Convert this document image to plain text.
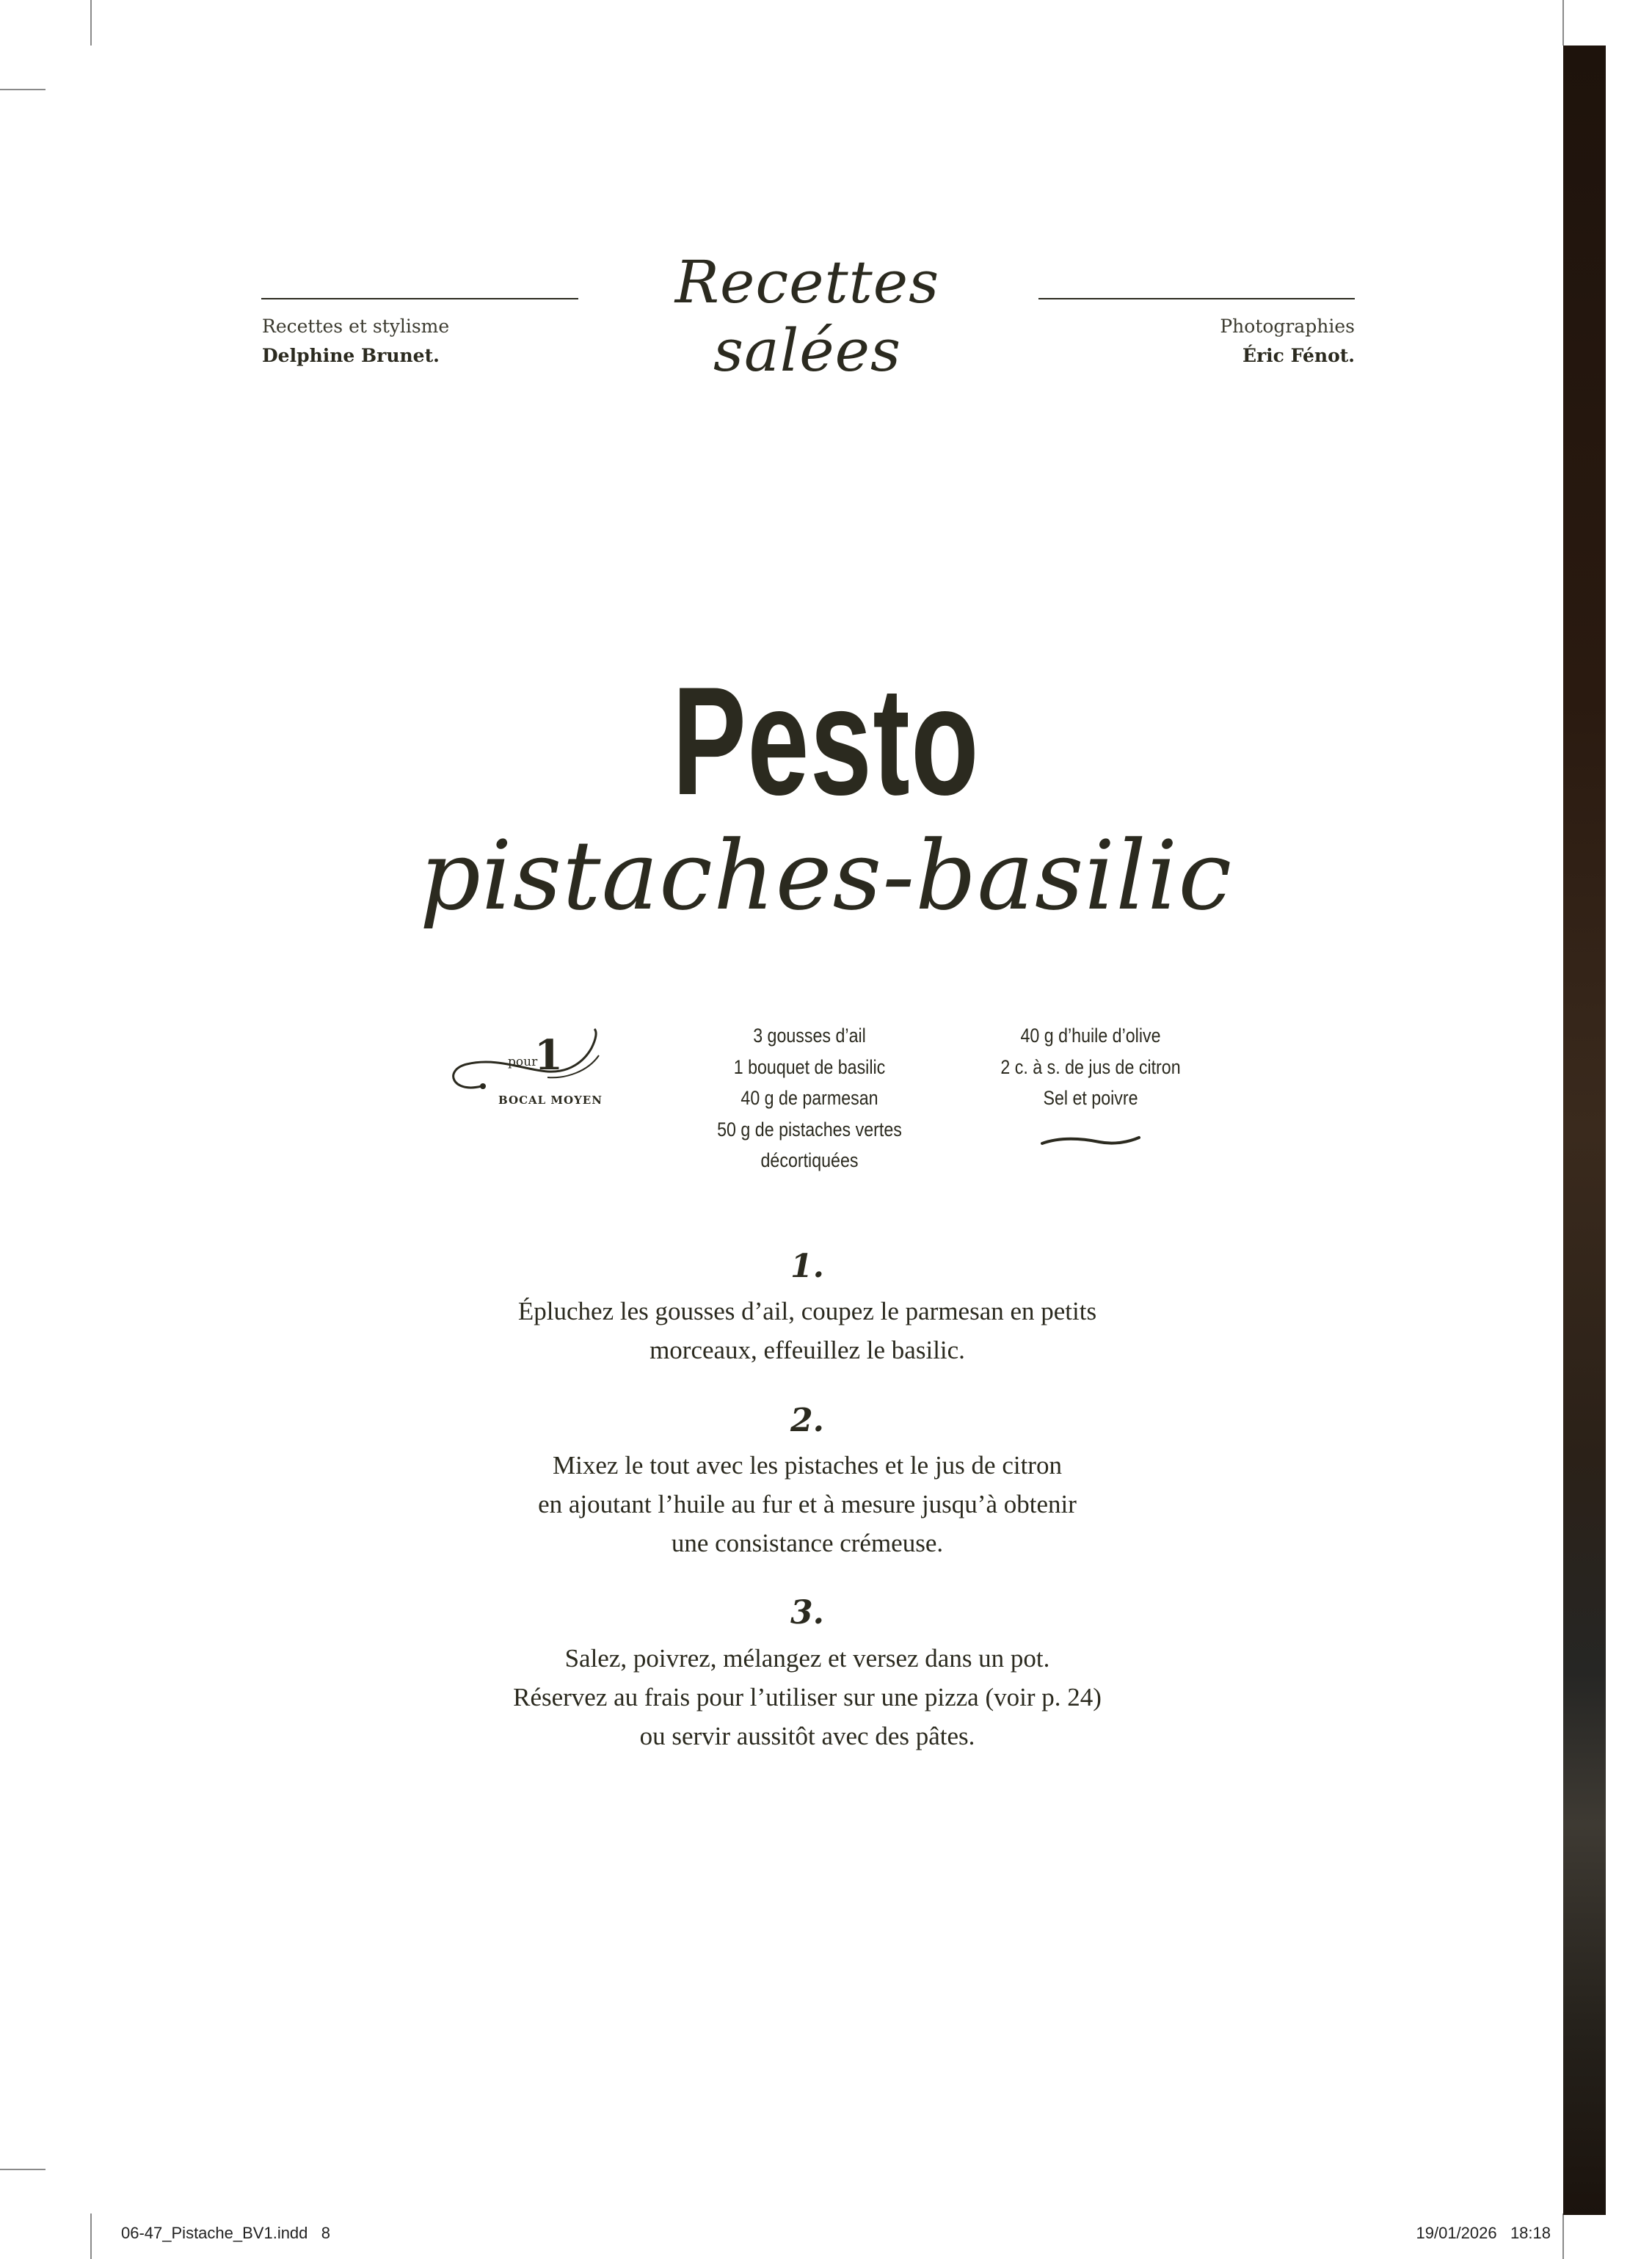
Recettes salées
Recettes et stylisme
Delphine Brunet.
Photographies
Éric Fénot.
Pesto
pistaches-basilic
pour
1
BOCAL MOYEN
3 gousses d’ail
1 bouquet de basilic
40 g de parmesan
50 g de pistaches vertes
décortiquées
40 g d’huile d’olive
2 c. à s. de jus de citron
Sel et poivre
1.
Épluchez les gousses d’ail, coupez le parmesan en petits
morceaux, effeuillez le basilic.
2.
Mixez le tout avec les pistaches et le jus de citron
en ajoutant l’huile au fur et à mesure jusqu’à obtenir
une consistance crémeuse.
3.
Salez, poivrez, mélangez et versez dans un pot.
Réservez au frais pour l’utiliser sur une pizza (voir p. 24)
ou servir aussitôt avec des pâtes.
06-47_Pistache_BV1.indd   8	19/01/2026   18:18
